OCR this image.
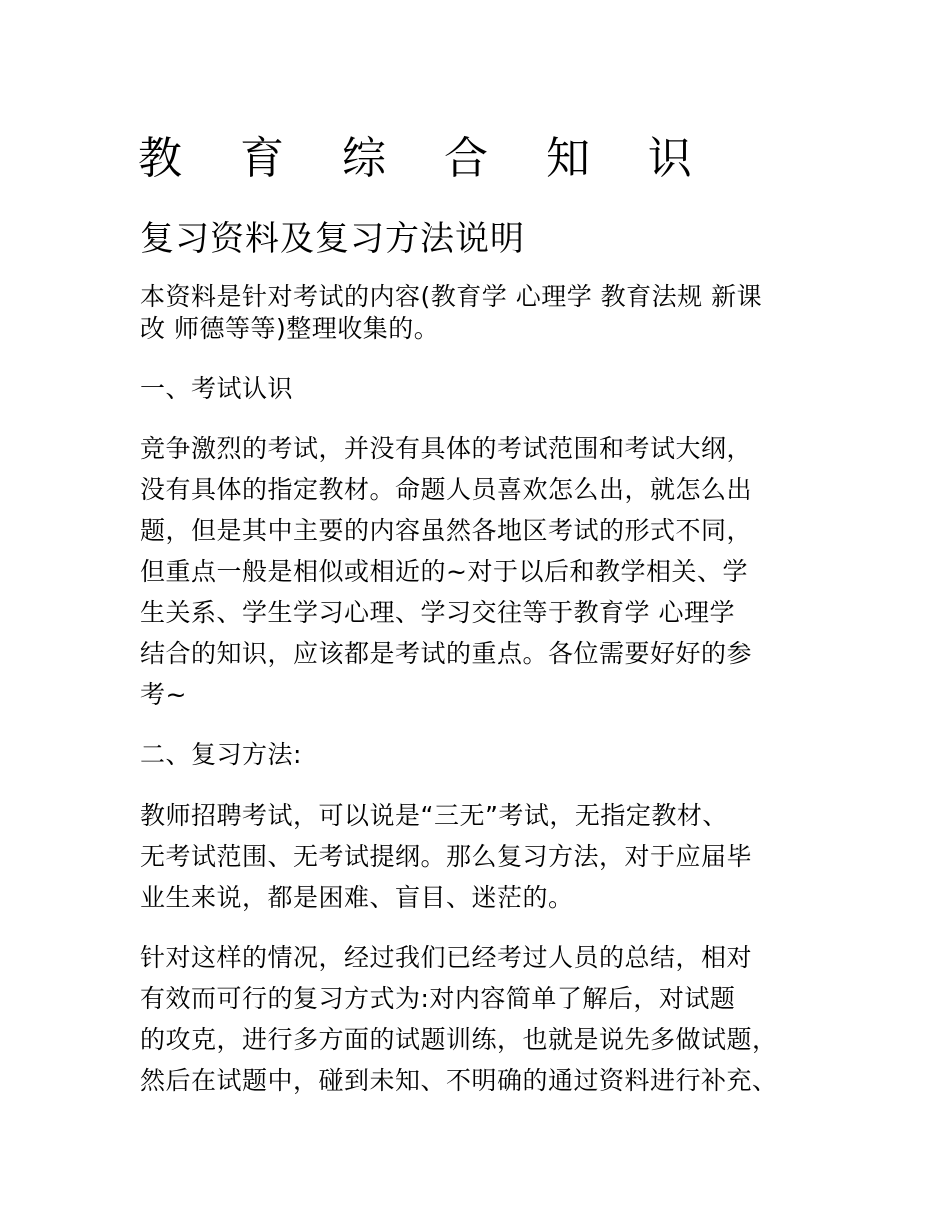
教 育 综 合 知 识
复习资料及复习方法说明
本资料是针对考试的内容(教育学 心理学 教育法规 新课
改 师德等等)整理收集的。
一、考试认识
竞争激烈的考试，并没有具体的考试范围和考试大纲，
没有具体的指定教材。命题人员喜欢怎么出，就怎么出
题，但是其中主要的内容虽然各地区考试的形式不同，
但重点一般是相似或相近的~对于以后和教学相关、学
生关系、学生学习心理、学习交往等于教育学 心理学
结合的知识，应该都是考试的重点。各位需要好好的参
考~
二、复习方法:
教师招聘考试，可以说是“三无”考试，无指定教材、
无考试范围、无考试提纲。那么复习方法，对于应届毕
业生来说，都是困难、盲目、迷茫的。
针对这样的情况，经过我们已经考过人员的总结，相对
有效而可行的复习方式为:对内容简单了解后，对试题
的攻克，进行多方面的试题训练，也就是说先多做试题，
然后在试题中，碰到未知、不明确的通过资料进行补充、
